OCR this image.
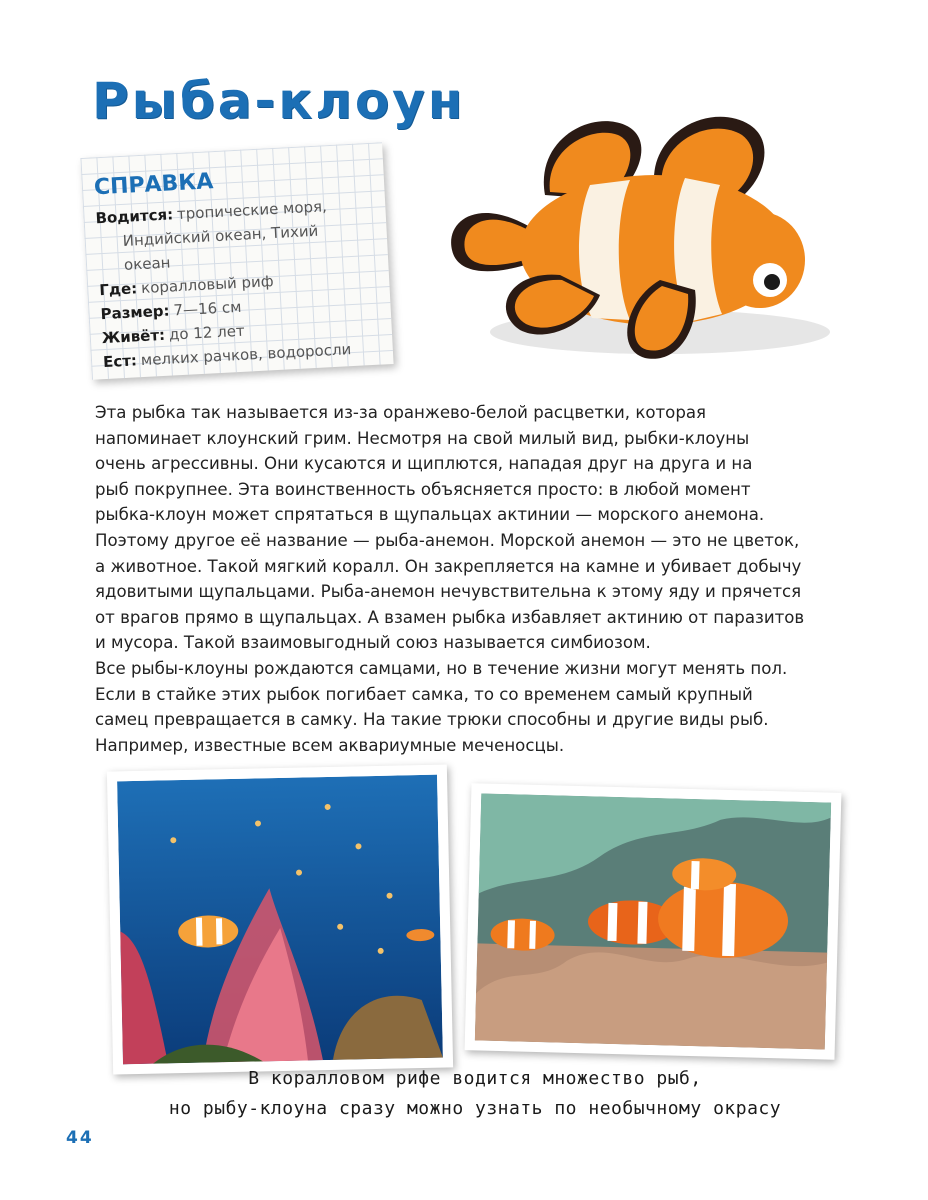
Рыба-клоун
СПРАВКА
Водится: тропические моря,
Индийский океан, Тихий
океан
Где: коралловый риф
Размер: 7—16 см
Живёт: до 12 лет
Ест: мелких рачков, водоросли

Эта рыбка так называется из-за оранжево-белой расцветки, которая

напоминает клоунский грим. Несмотря на свой милый вид, рыбки-клоуны

очень агрессивны. Они кусаются и щиплются, нападая друг на друга и на

рыб покрупнее. Эта воинственность объясняется просто: в любой момент

рыбка-клоун может спрятаться в щупальцах актинии — морского анемона.

Поэтому другое её название — рыба-анемон. Морской анемон — это не цветок,

а животное. Такой мягкий коралл. Он закрепляется на камне и убивает добычу

ядовитыми щупальцами. Рыба-анемон нечувствительна к этому яду и прячется

от врагов прямо в щупальцах. А взамен рыбка избавляет актинию от паразитов

и мусора. Такой взаимовыгодный союз называется симбиозом.

Все рыбы-клоуны рождаются самцами, но в течение жизни могут менять пол.

Если в стайке этих рыбок погибает самка, то со временем самый крупный

самец превращается в самку. На такие трюки способны и другие виды рыб.

Например, известные всем аквариумные меченосцы.

В коралловом рифе водится множество рыб,
но рыбу-клоуна сразу можно узнать по необычному окрасу
44
